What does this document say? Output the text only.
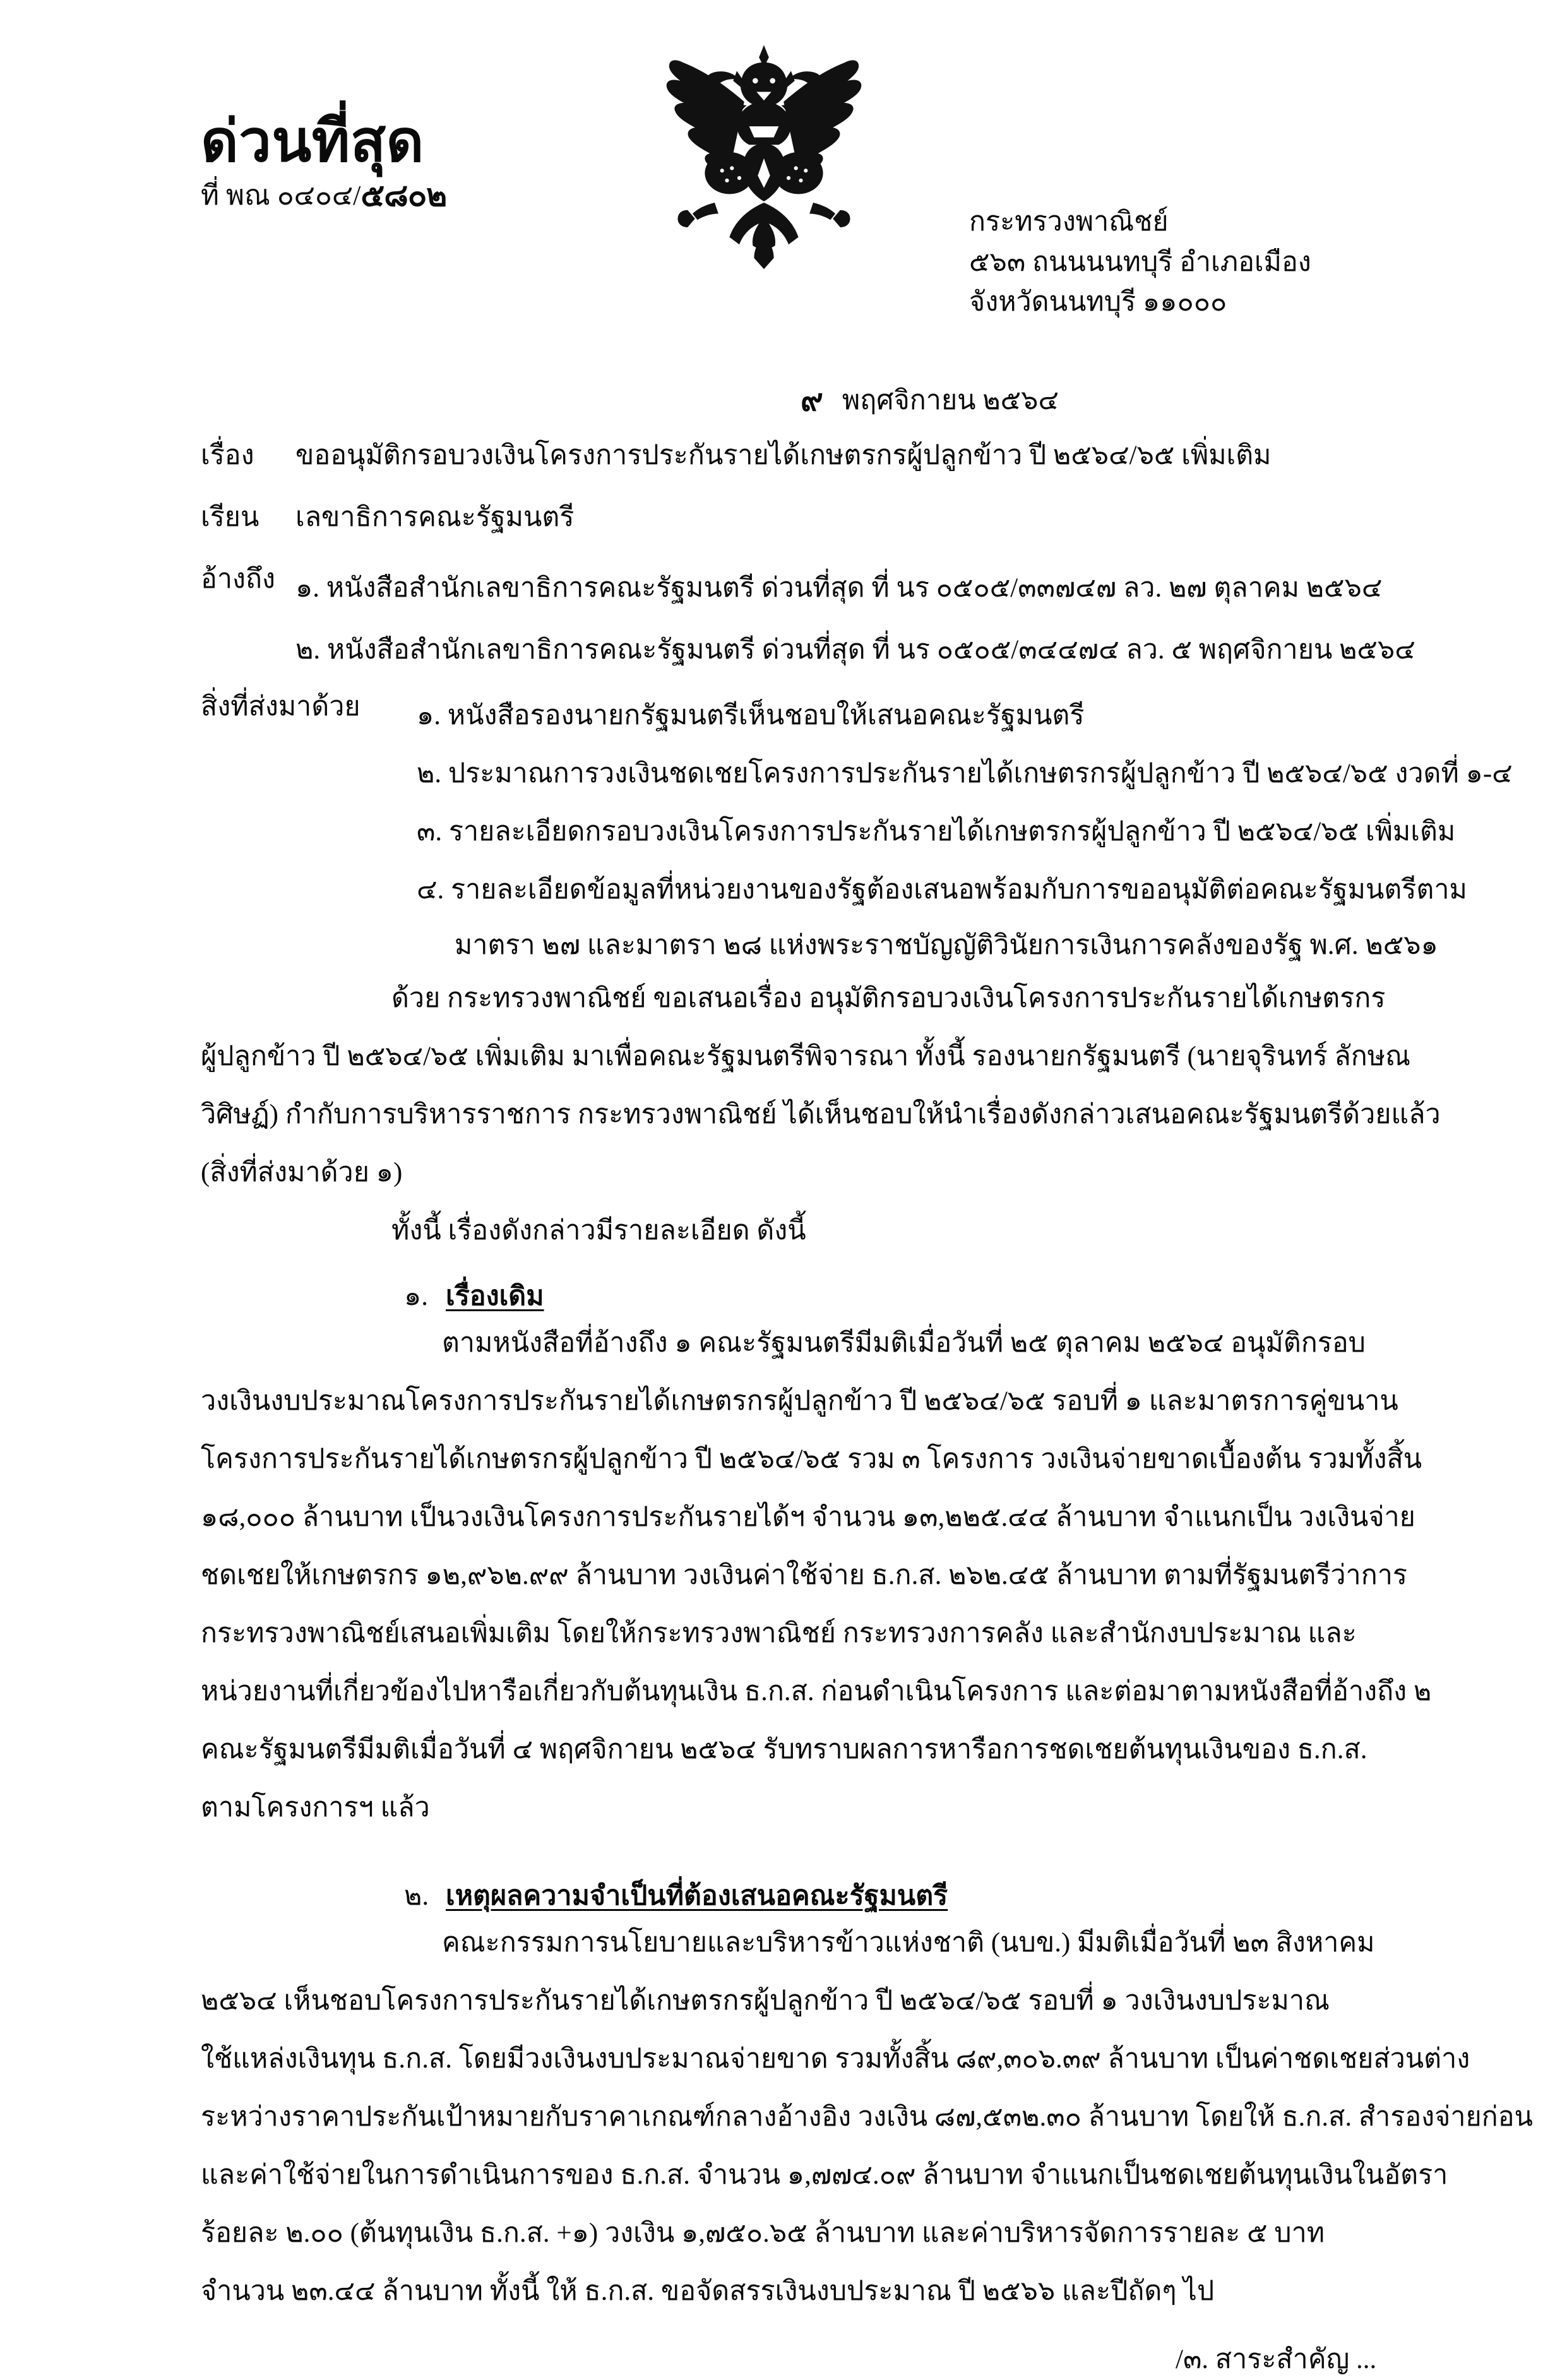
ด่วนที่สุด
ที่ พณ ๐๔๐๔/๕๘๐๒
กระทรวงพาณิชย์
๕๖๓ ถนนนนทบุรี อำเภอเมือง
จังหวัดนนทบุรี ๑๑๐๐๐
๙ พฤศจิกายน ๒๕๖๔
เรื่อง ขออนุมัติกรอบวงเงินโครงการประกันรายได้เกษตรกรผู้ปลูกข้าว ปี ๒๕๖๔/๖๕ เพิ่มเติม
เรียน เลขาธิการคณะรัฐมนตรี
อ้างถึง ๑. หนังสือสำนักเลขาธิการคณะรัฐมนตรี ด่วนที่สุด ที่ นร ๐๕๐๕/๓๓๗๔๗ ลว. ๒๗ ตุลาคม ๒๕๖๔
๒. หนังสือสำนักเลขาธิการคณะรัฐมนตรี ด่วนที่สุด ที่ นร ๐๕๐๕/๓๔๔๗๔ ลว. ๕ พฤศจิกายน ๒๕๖๔
สิ่งที่ส่งมาด้วย ๑. หนังสือรองนายกรัฐมนตรีเห็นชอบให้เสนอคณะรัฐมนตรี
๒. ประมาณการวงเงินชดเชยโครงการประกันรายได้เกษตรกรผู้ปลูกข้าว ปี ๒๕๖๔/๖๕ งวดที่ ๑-๔
๓. รายละเอียดกรอบวงเงินโครงการประกันรายได้เกษตรกรผู้ปลูกข้าว ปี ๒๕๖๔/๖๕ เพิ่มเติม
๔. รายละเอียดข้อมูลที่หน่วยงานของรัฐต้องเสนอพร้อมกับการขออนุมัติต่อคณะรัฐมนตรีตาม
มาตรา ๒๗ และมาตรา ๒๘ แห่งพระราชบัญญัติวินัยการเงินการคลังของรัฐ พ.ศ. ๒๕๖๑
ด้วย กระทรวงพาณิชย์ ขอเสนอเรื่อง อนุมัติกรอบวงเงินโครงการประกันรายได้เกษตรกร
ผู้ปลูกข้าว ปี ๒๕๖๔/๖๕ เพิ่มเติม มาเพื่อคณะรัฐมนตรีพิจารณา ทั้งนี้ รองนายกรัฐมนตรี (นายจุรินทร์ ลักษณ
วิศิษฏ์) กำกับการบริหารราชการ กระทรวงพาณิชย์ ได้เห็นชอบให้นำเรื่องดังกล่าวเสนอคณะรัฐมนตรีด้วยแล้ว
(สิ่งที่ส่งมาด้วย ๑)
ทั้งนี้ เรื่องดังกล่าวมีรายละเอียด ดังนี้
๑. เรื่องเดิม
๒. เหตุผลความจำเป็นที่ต้องเสนอคณะรัฐมนตรี
คณะกรรมการนโยบายและบริหารข้าวแห่งชาติ (นบข.) มีมติเมื่อวันที่ ๒๓ สิงหาคม
๒๕๖๔ เห็นชอบโครงการประกันรายได้เกษตรกรผู้ปลูกข้าว ปี ๒๕๖๔/๖๕ รอบที่ ๑ วงเงินงบประมาณ
ใช้แหล่งเงินทุน ธ.ก.ส. โดยมีวงเงินงบประมาณจ่ายขาด รวมทั้งสิ้น ๘๙,๓๐๖.๓๙ ล้านบาท เป็นค่าชดเชยส่วนต่าง
ระหว่างราคาประกันเป้าหมายกับราคาเกณฑ์กลางอ้างอิง วงเงิน ๘๗,๕๓๒.๓๐ ล้านบาท โดยให้ ธ.ก.ส. สำรองจ่ายก่อน
และค่าใช้จ่ายในการดำเนินการของ ธ.ก.ส. จำนวน ๑,๗๗๔.๐๙ ล้านบาท จำแนกเป็นชดเชยต้นทุนเงินในอัตรา
ร้อยละ ๒.๐๐ (ต้นทุนเงิน ธ.ก.ส. +๑) วงเงิน ๑,๗๕๐.๖๕ ล้านบาท และค่าบริหารจัดการรายละ ๕ บาท
จำนวน ๒๓.๔๔ ล้านบาท ทั้งนี้ ให้ ธ.ก.ส. ขอจัดสรรเงินงบประมาณ ปี ๒๕๖๖ และปีถัดๆ ไป
/๓. สาระสำคัญ ...
ตามหนังสือที่อ้างถึง ๑ คณะรัฐมนตรีมีมติเมื่อวันที่ ๒๕ ตุลาคม ๒๕๖๔ อนุมัติกรอบ
วงเงินงบประมาณโครงการประกันรายได้เกษตรกรผู้ปลูกข้าว ปี ๒๕๖๔/๖๕ รอบที่ ๑ และมาตรการคู่ขนาน
โครงการประกันรายได้เกษตรกรผู้ปลูกข้าว ปี ๒๕๖๔/๖๕ รวม ๓ โครงการ วงเงินจ่ายขาดเบื้องต้น รวมทั้งสิ้น
๑๘,๐๐๐ ล้านบาท เป็นวงเงินโครงการประกันรายได้ฯ จำนวน ๑๓,๒๒๕.๔๔ ล้านบาท จำแนกเป็น วงเงินจ่าย
ชดเชยให้เกษตรกร ๑๒,๙๖๒.๙๙ ล้านบาท วงเงินค่าใช้จ่าย ธ.ก.ส. ๒๖๒.๔๕ ล้านบาท ตามที่รัฐมนตรีว่าการ
กระทรวงพาณิชย์เสนอเพิ่มเติม โดยให้กระทรวงพาณิชย์ กระทรวงการคลัง และสำนักงบประมาณ และ
หน่วยงานที่เกี่ยวข้องไปหารือเกี่ยวกับต้นทุนเงิน ธ.ก.ส. ก่อนดำเนินโครงการ และต่อมาตามหนังสือที่อ้างถึง ๒
คณะรัฐมนตรีมีมติเมื่อวันที่ ๔ พฤศจิกายน ๒๕๖๔ รับทราบผลการหารือการชดเชยต้นทุนเงินของ ธ.ก.ส.
ตามโครงการฯ แล้ว
